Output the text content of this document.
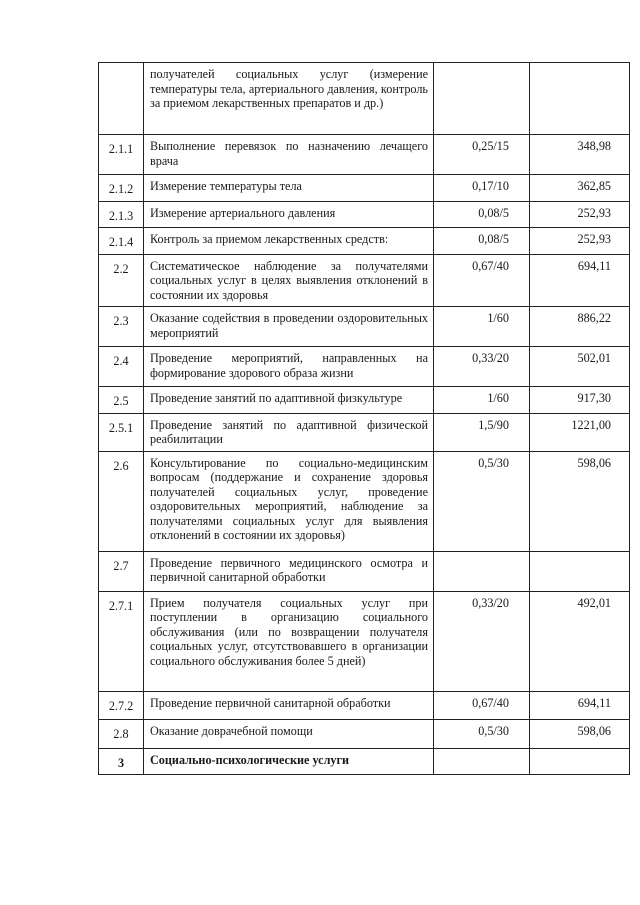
	получателей социальных услуг (измерение температуры тела, артериального давления, контроль за приемом лекарственных препаратов и др.)		
2.1.1	Выполнение перевязок по назначению лечащего врача	0,25/15	348,98
2.1.2	Измерение температуры тела	0,17/10	362,85
2.1.3	Измерение артериального давления	0,08/5	252,93
2.1.4	Контроль за приемом лекарственных средств:	0,08/5	252,93
2.2	Систематическое наблюдение за получателями социальных услуг в целях выявления отклонений в состоянии их здоровья	0,67/40	694,11
2.3	Оказание содействия в проведении оздоровительных мероприятий	1/60	886,22
2.4	Проведение мероприятий, направленных на формирование здорового образа жизни	0,33/20	502,01
2.5	Проведение занятий по адаптивной физкультуре	1/60	917,30
2.5.1	Проведение занятий по адаптивной физической реабилитации	1,5/90	1221,00
2.6	Консультирование по социально-медицинским вопросам (поддержание и сохранение здоровья получателей социальных услуг, проведение оздоровительных мероприятий, наблюдение за получателями социальных услуг для выявления отклонений в состоянии их здоровья)	0,5/30	598,06
2.7	Проведение первичного медицинского осмотра и первичной санитарной обработки		
2.7.1	Прием получателя социальных услуг при поступлении в организацию социального обслуживания (или по возвращении получателя социальных услуг, отсутствовавшего в организации социального обслуживания более 5 дней)	0,33/20	492,01
2.7.2	Проведение первичной санитарной обработки	0,67/40	694,11
2.8	Оказание доврачебной помощи	0,5/30	598,06
3	Социально-психологические услуги		
